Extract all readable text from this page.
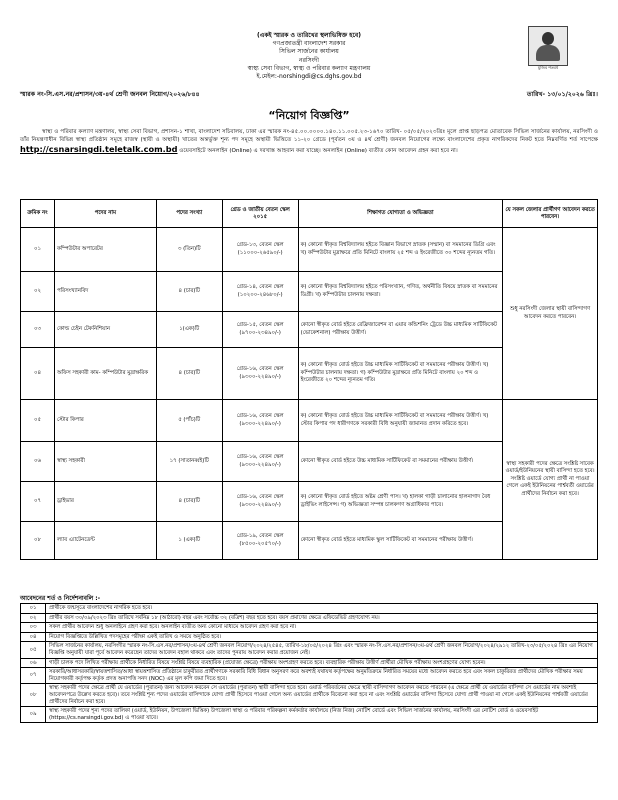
(একই স্মারক ও তারিখের স্থলাভিষিক্ত হবে)
গণপ্রজাতন্ত্রী বাংলাদেশ সরকার
সিভিল সার্জনের কার্যালয়
নরসিংদী
স্বাস্থ্য সেবা বিভাগ, স্বাস্থ্য ও পরিবার কল্যাণ মন্ত্রণালয়
ই.মেইল:-norshingdi@cs.dghs.gov.bd
মুজিব শতবর্ষ
স্মারক নং-সি.এস.নর/প্রশাসন/৩য়-৪র্থ শ্রেণী জনবল নিয়োগ/২০২৬/৮৪৪	তারিখ- ১৩/০১/২০২৬ খ্রিঃ।
“নিয়োগ বিজ্ঞপ্তি”
স্বাস্থ্য ও পরিবার কল্যাণ মন্ত্রণালয়, স্বাস্থ্য সেবা বিভাগ, প্রশাসন-১ শাখা, বাংলাদেশ সচিবালয়, ঢাকা এর স্মারক নং-৪৫.০০.০০০০.১৪০.১১.০০৫.২৩-১৬৭০ তারিখ- ০৫/০৫/২০২৩খ্রিঃ মূলে প্রাপ্ত ছাড়পত্র মোতাবেক সিভিল সার্জনের কার্যালয়, নরসিংদী ও তাঁর নিয়ন্ত্রণাধীন বিভিন্ন স্বাস্থ্য প্রতিষ্ঠান সমূহে রাজস্ব (স্থায়ী ও অস্থায়ী) খাতের অন্তর্ভুক্ত শূন্য পদ সমূহে অস্থায়ী ভিত্তিতে ১১-২০ গ্রেডে (পূর্বতন ৩য় ও ৪র্থ শ্রেণী) জনবল নিয়োগের লক্ষ্যে বাংলাদেশের প্রকৃত নাগরিকদের নিকট হতে নিম্নবর্ণিত শর্ত সাপেক্ষে http://csnarsingdi.teletalk.com.bd ওয়েবসাইটে অনলাইন (Online) এ দরখাস্ত আহবান করা যাচ্ছে। অনলাইন (Online) ব্যতীত কোন আবেদন গ্রহন করা হবে না।
ক্রমিক নং	পদের নাম	পদের সংখ্যা	গ্রেড ও জাতীয় বেতন স্কেল ২০১৫	শিক্ষাগত যোগ্যতা ও অভিজ্ঞতা	যে সকল জেলার প্রার্থীগণ আবেদন করতে পারবেন।
০১	কম্পিউটার অপারেটর	৩ (তিন)টি	গ্রেড-১৩, বেতন স্কেল (১১০০০-২৬৫৯০/-)	ক) কোনো স্বীকৃত বিশ্ববিদ্যালয় হইতে বিজ্ঞান বিভাগে স্নাতক (সম্মান) বা সমমানের ডিগ্রি এবং খ) কম্পিউটার মুদ্রাক্ষরে প্রতি মিনিটে বাংলায় ২৫ শব্দ ও ইংরেজীতে ৩০ শব্দের ন্যূনতম গতি।	শুধু নরসিংদী জেলার স্থায়ী বাসিন্দাগণ আবেদন করতে পারবেন।
০২	পরিসংখ্যানবিদ	৪ (চার)টি	গ্রেড-১৪, বেতন স্কেল (১০২০০-২৪৬৮০/-)	ক) কোনো স্বীকৃত বিশ্ববিদ্যালয় হইতে পরিসংখ্যান, গণিত, অর্থনীতি বিষয়ে স্নাতক বা সমমানের ডিগ্রী। খ) কম্পিউটার চালনায় দক্ষতা।	
০৩	কোল্ড চেইন টেকনিশিয়ান	১(এক)টি	গ্রেড-১৫, বেতন স্কেল (৯৭০০-২৩৪৯০/-)	কোনো স্বীকৃত বোর্ড হইতে রেফ্রিজারেশন বা এয়ার কন্ডিশনিং ট্রেডে উচ্চ মাধ্যমিক সার্টিফিকেট (ভোকেশনাল) পরীক্ষায় উত্তীর্ণ।	
০৪	অফিস সহকারী কাম- কম্পিউটার মুদ্রাক্ষরিক	৪ (চার)টি	গ্রেড-১৬, বেতন স্কেল (৯৩০০-২২৪৯০/-)	ক) কোনো স্বীকৃত বোর্ড হইতে উচ্চ মাধ্যমিক সার্টিফিকেট বা সমমানের পরীক্ষায় উত্তীর্ণ। খ) কম্পিউটার চালনায় দক্ষতা। গ) কম্পিউটার মুদ্রাক্ষরে প্রতি মিনিটে বাংলায় ২০ শব্দ ও ইংরেজীতে ২০ শব্দের ন্যূনতম গতি।	
০৫	স্টোর কিপার	৫ (পাঁচ)টি	গ্রেড-১৬, বেতন স্কেল (৯৩০০-২২৪৯০/-)	ক) কোনো স্বীকৃত বোর্ড হইতে উচ্চ মাধ্যমিক সার্টিফিকেট বা সমমানের পরীক্ষায় উত্তীর্ণ। খ) স্টোর কিপার পদ ধারীগণকে সরকারী বিধি অনুযায়ী জামানত প্রদান করিতে হবে।	স্বাস্থ্য সহকারী পদের ক্ষেত্রে সংশ্লিষ্ট সাবেক ওয়ার্ড/ইউনিয়নের স্থায়ী বাসিন্দা হতে হবে। সংশ্লিষ্ট ওয়ার্ডে যোগ্য প্রার্থী না পাওয়া গেলে একই ইউনিয়নের পার্শ্ববর্তী ওয়ার্ডের প্রার্থীদের নির্বাচন করা হবে।
০৬	স্বাস্থ্য সহকারী	১৭ (সাতানব্বই)টি	গ্রেড-১৬, বেতন স্কেল (৯৩০০-২২৪৯০/-)	কোনো স্বীকৃত বোর্ড হইতে উচ্চ মাধ্যমিক সার্টিফিকেট বা সমমানের পরীক্ষায় উত্তীর্ণ।	
০৭	ড্রাইভার	৪ (চার)টি	গ্রেড-১৬, বেতন স্কেল (৯৩০০-২২৪৯০/-)	ক) কোনো স্বীকৃত বোর্ড হইতে অষ্টম শ্রেণী পাস। খ) হালকা গাড়ী চালানোর হালনাগাদ বৈধ ড্রাইভিং লাইসেন্স। গ) অভিজ্ঞতা সম্পন্ন চালকগণ অগ্রাধিকার পাবে।	
০৮	ল্যাব এ্যাটেনডেন্ট	১ (এক)টি	গ্রেড-১৯, বেতন স্কেল (৮৫০০-২০৫৭০/-)	কোনো স্বীকৃত বোর্ড হইতে মাধ্যমিক স্কুল সার্টিফিকেট বা সমমানের পরীক্ষায় উত্তীর্ণ।	
আবেদনের শর্ত ও নির্দেশনাবলি :-
০১	প্রার্থীকে জন্মসূত্রে বাংলাদেশের নাগরিক হতে হবে।
০২	প্রার্থীর বয়স ৩০/০৯/২০২৩ খ্রিঃ তারিখে সর্বনিম্ন ১৮ (আঠারো) বছর এবং সর্বোচ্চ ৩২ (বত্রিশ) বছর হতে হবে। বয়স প্রমাণের ক্ষেত্রে এফিডেভিট গ্রহণযোগ্য নয়।
০৩	সকল প্রার্থীর আবেদন শুধু অনলাইনে গ্রহণ করা হবে। অনলাইন ব্যতীত অন্য কোনো মাধ্যমে আবেদন গ্রহণ করা হবে না।
০৪	নিয়োগ বিজ্ঞপ্তিতে উল্লিখিত পদসমূহের পরীক্ষা একই তারিখ ও সময়ে অনুষ্ঠিত হবে।
০৫	সিভিল সার্জনের কার্যালয়, নরসিংদীর স্মারক নং-সি.এস.নর/প্রশাসন/৩য়-৪র্থ শ্রেণী জনবল নিয়োগ/২০২৪/২৫৪৫, তারিখ-১৮/০৫/২০২৪ খ্রিঃ এবং স্মারক নং-সি.এস.নর/প্রশাসন/৩য়-৪র্থ শ্রেণী জনবল নিয়োগ/২০২৪/২৯১২ তারিখ-২৩/০৫/২০২৪ খ্রিঃ এর নিয়োগ বিজ্ঞপ্তি অনুযায়ী যারা পূর্বে আবেদন করেছেন তাদের আবেদন বহাল থাকবে এবং তাদের পুনরায় আবেদন করার প্রয়োজন নেই।
০৬	গাড়ী চালক পদে লিখিত পরীক্ষায় প্রার্থীকে নির্ধারিত বিষয়ে সংশ্লিষ্ট বিষয়ে ব্যবহারিক (প্রযোজ্য ক্ষেত্রে) পরীক্ষায় অংশগ্রহণ করতে হবে। ব্যবহারিক পরীক্ষায় উত্তীর্ণ প্রার্থীরা মৌখিক পরীক্ষায় অংশগ্রহণের যোগ্য হবেন।
০৭	সরকারি/আধাসরকারি/স্বায়ত্তশাসিত/আধা স্বায়ত্তশাসিত প্রতিষ্ঠানে চাকুরীরত প্রার্থীগণকে সরকারি বিধি বিধান অনুসরণ করে অবশ্যই যথাযথ কর্তৃপক্ষের অনুমতিক্রমে নির্ধারিত সময়ের মধ্যে আবেদন করতে হবে এবং সকল চাকুরিরত প্রার্থীদের মৌখিক পরীক্ষার সময় নিয়োগকারী কর্তৃপক্ষ কর্তৃক প্রদত্ত অনাপত্তি সনদ (NOC) এর মূল কপি জমা দিতে হবে।
০৮	স্বাস্থ্য সহকারী পদের ক্ষেত্রে প্রার্থী যে ওয়ার্ডের (পুরাতন) জন্য আবেদন করবেন সে ওয়ার্ডের (পুরাতন) স্থায়ী বাসিন্দা হতে হবে। ওয়ার্ড পরিবর্তনের ক্ষেত্রে স্থায়ী বাসিন্দাগণ আবেদন করতে পারবেন (এ ক্ষেত্রে প্রার্থী যে ওয়ার্ডের বাসিন্দা সে ওয়ার্ডের নাম অবশ্যই আবেদনপত্রে উল্লেখ করতে হবে)। তবে সংশ্লিষ্ট শূন্য পদের ওয়ার্ডের বাসিন্দাকে যোগ্য প্রার্থী হিসেবে পাওয়া গেলে অন্য ওয়ার্ডের প্রার্থীকে বিবেচনা করা হবে না এবং সংশ্লিষ্ট ওয়ার্ডের বাসিন্দা হিসেবে যোগ্য প্রার্থী পাওয়া না গেলে একই ইউনিয়নের পার্শ্ববর্তী ওয়ার্ডের প্রার্থীদের নির্বাচন করা হবে।
০৯	স্বাস্থ্য সহকারী পদের শূন্য পদের তালিকা (ওয়ার্ড, ইউনিয়ন, উপজেলা ভিত্তিক) উপজেলা স্বাস্থ্য ও পরিবার পরিকল্পনা কর্মকর্তার কার্যালয়ে (নিজ নিজ) নোটিশ বোর্ডে এবং সিভিল সার্জনের কার্যালয়, নরসিংদী এর নোটিশ বোর্ড ও ওয়েবসাইট (https://cs.narsingdi.gov.bd) এ পাওয়া যাবে।
